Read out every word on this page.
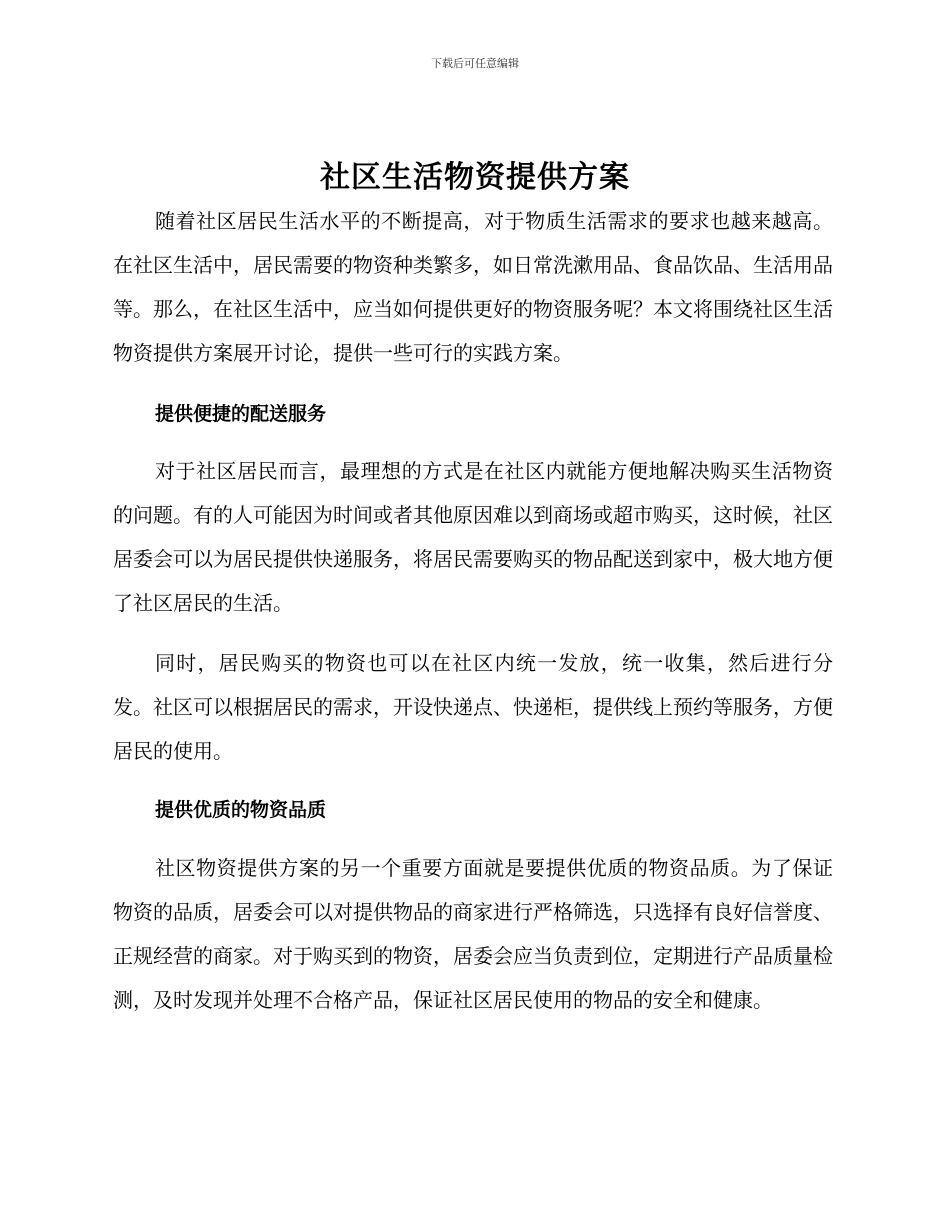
下载后可任意编辑
社区生活物资提供方案

随着社区居民生活水平的不断提高，对于物质生活需求的要求也越来越高。在社区生活中，居民需要的物资种类繁多，如日常洗漱用品、食品饮品、生活用品等。那么，在社区生活中，应当如何提供更好的物资服务呢？本文将围绕社区生活物资提供方案展开讨论，提供一些可行的实践方案。

提供便捷的配送服务

对于社区居民而言，最理想的方式是在社区内就能方便地解决购买生活物资的问题。有的人可能因为时间或者其他原因难以到商场或超市购买，这时候，社区居委会可以为居民提供快递服务，将居民需要购买的物品配送到家中，极大地方便了社区居民的生活。

同时，居民购买的物资也可以在社区内统一发放，统一收集，然后进行分发。社区可以根据居民的需求，开设快递点、快递柜，提供线上预约等服务，方便居民的使用。

提供优质的物资品质

社区物资提供方案的另一个重要方面就是要提供优质的物资品质。为了保证物资的品质，居委会可以对提供物品的商家进行严格筛选，只选择有良好信誉度、正规经营的商家。对于购买到的物资，居委会应当负责到位，定期进行产品质量检测，及时发现并处理不合格产品，保证社区居民使用的物品的安全和健康。
